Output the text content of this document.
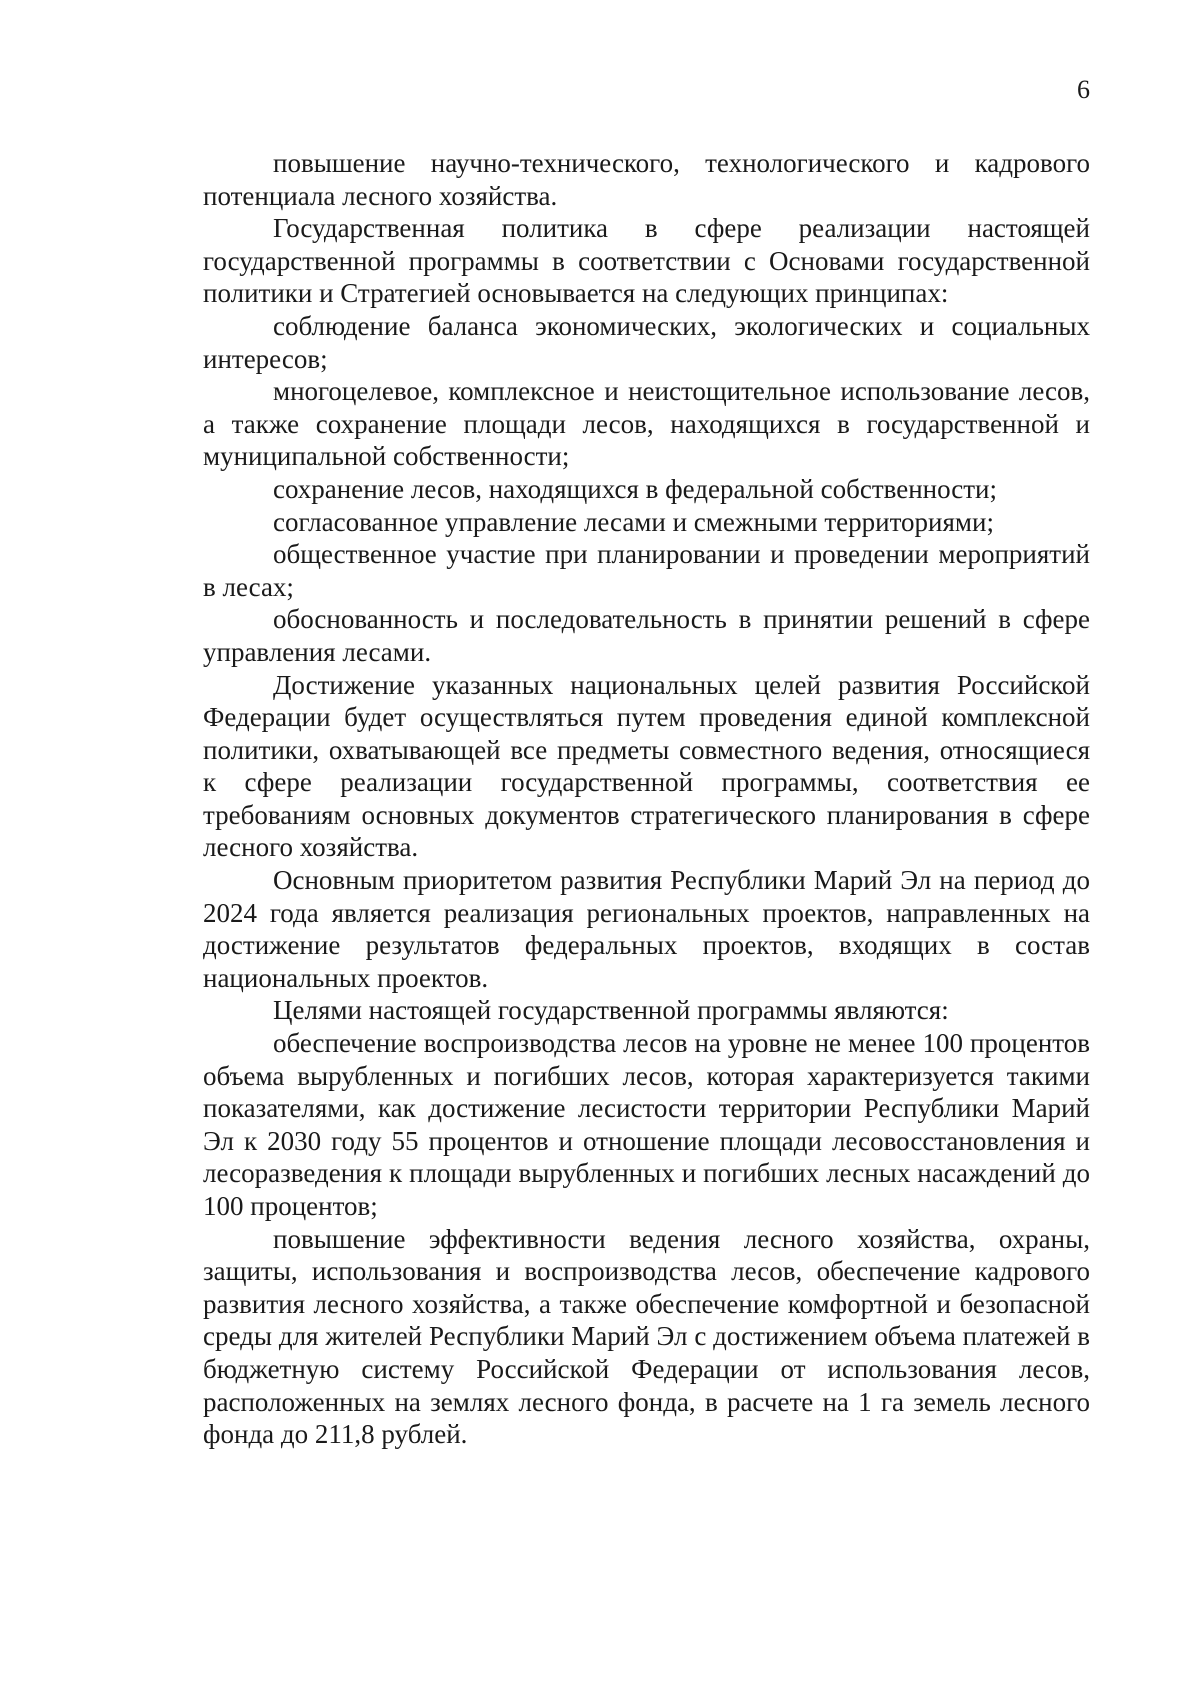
6

повышение научно-технического, технологического и кадрового потенциала лесного хозяйства.

Государственная политика в сфере реализации настоящей государственной программы в соответствии с Основами государственной политики и Стратегией основывается на следующих принципах:

соблюдение баланса экономических, экологических и социальных интересов;

многоцелевое, комплексное и неистощительное использование лесов, а также сохранение площади лесов, находящихся в государственной и муниципальной собственности;

сохранение лесов, находящихся в федеральной собственности;

согласованное управление лесами и смежными территориями;

общественное участие при планировании и проведении мероприятий в лесах;

обоснованность и последовательность в принятии решений в сфере управления лесами.

Достижение указанных национальных целей развития Российской Федерации будет осуществляться путем проведения единой комплексной политики, охватывающей все предметы совместного ведения, относящиеся к сфере реализации государственной программы, соответствия ее требованиям основных документов стратегического планирования в сфере лесного хозяйства.

Основным приоритетом развития Республики Марий Эл на период до 2024 года является реализация региональных проектов, направленных на достижение результатов федеральных проектов, входящих в состав национальных проектов.

Целями настоящей государственной программы являются:

обеспечение воспроизводства лесов на уровне не менее 100 процентов объема вырубленных и погибших лесов, которая характеризуется такими показателями, как достижение лесистости территории Республики Марий Эл к 2030 году 55 процентов и отношение площади лесовосстановления и лесоразведения к площади вырубленных и погибших лесных насаждений до 100 процентов;

повышение эффективности ведения лесного хозяйства, охраны, защиты, использования и воспроизводства лесов, обеспечение кадрового развития лесного хозяйства, а также обеспечение комфортной и безопасной среды для жителей Республики Марий Эл с достижением объема платежей в бюджетную систему Российской Федерации от использования лесов, расположенных на землях лесного фонда, в расчете на 1 га земель лесного фонда до 211,8 рублей.
